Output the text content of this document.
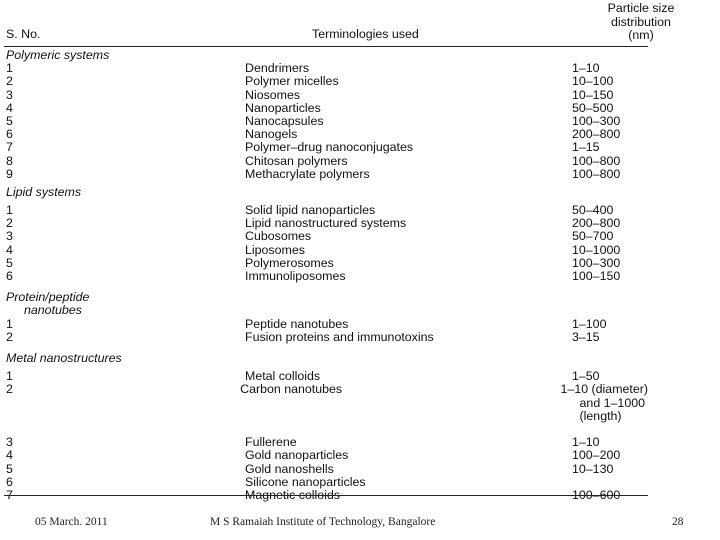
S. No.	Terminologies used
Particle size
distribution
(nm)
Polymeric systems
1	Dendrimers	1–10
2	Polymer micelles	10–100
3	Niosomes	10–150
4	Nanoparticles	50–500
5	Nanocapsules	100–300
6	Nanogels	200–800
7	Polymer–drug nanoconjugates	1–15
8	Chitosan polymers	100–800
9	Methacrylate polymers	100–800
Lipid systems
1	Solid lipid nanoparticles	50–400
2	Lipid nanostructured systems	200–800
3	Cubosomes	50–700
4	Liposomes	10–1000
5	Polymerosomes	100–300
6	Immunoliposomes	100–150
Protein/peptide
nanotubes
1	Peptide nanotubes	1–100
2	Fusion proteins and immunotoxins	3–15
Metal nanostructures
1	Metal colloids	1–50
2	Carbon nanotubes	1–10 (diameter)
and 1–1000
(length)
3	Fullerene	1–10
4	Gold nanoparticles	100–200
5	Gold nanoshells	10–130
6	Silicone nanoparticles
7	Magnetic colloids	100–600
05 March. 2011	M S Ramaiah Institute of Technology, Bangalore	28
